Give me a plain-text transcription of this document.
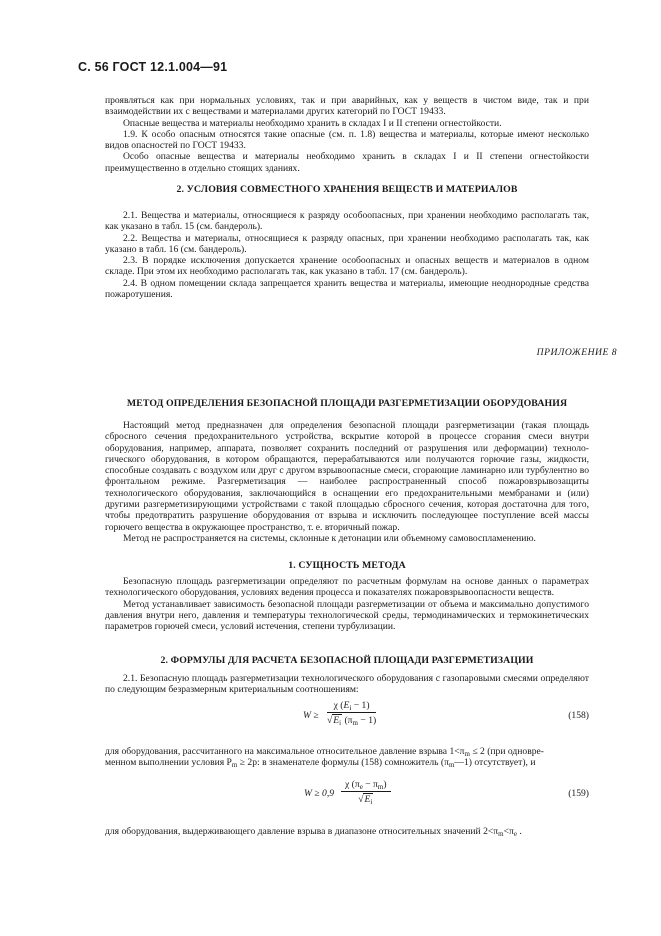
С. 56 ГОСТ 12.1.004—91

проявляться как при нормальных условиях, так и при аварийных, как у веществ в чистом виде, так и при взаимодействии их с веществами и материалами других категорий по ГОСТ 19433.

Опасные вещества и материалы необходимо хранить в складах I и II степени огнестойкости.

1.9. К особо опасным относятся такие опасные (см. п. 1.8) вещества и материалы, которые имеют несколько видов опасностей по ГОСТ 19433.

Особо опасные вещества и материалы необходимо хранить в складах I и II степени огнестойкости преимущественно в отдельно стоящих зданиях.

2. УСЛОВИЯ СОВМЕСТНОГО ХРАНЕНИЯ ВЕЩЕСТВ И МАТЕРИАЛОВ

2.1. Вещества и материалы, относящиеся к разряду особоопасных, при хранении необходимо располагать так, как указано в табл. 15 (см. бандероль).

2.2. Вещества и материалы, относящиеся к разряду опасных, при хранении необходимо располагать так, как указано в табл. 16 (см. бандероль).

2.3. В порядке исключения допускается хранение особоопасных и опасных веществ и материалов в одном складе. При этом их необходимо располагать так, как указано в табл. 17 (см. бандероль).

2.4. В одном помещении склада запрещается хранить вещества и материалы, имеющие неоднородные средства пожаротушения.

ПРИЛОЖЕНИЕ 8
МЕТОД ОПРЕДЕЛЕНИЯ БЕЗОПАСНОЙ ПЛОЩАДИ РАЗГЕРМЕТИЗАЦИИ ОБОРУДОВАНИЯ

Настоящий метод предназначен для определения безопасной площади разгерметизации (такая площадь сбросного сечения предохранительного устройства, вскрытие которой в процессе сгорания смеси внутри оборудования, например, аппарата, позволяет сохранить последний от разрушения или деформации) технологического оборудования, в котором обращаются, перерабатываются или получаются горючие газы, жидкости, способные создавать с воздухом или друг с другом взрывоопасные смеси, сгорающие ламинарно или турбулентно во фронтальном режиме. Разгерметизация — наиболее распространенный способ пожаровзрывозащиты технологического оборудования, заключающийся в оснащении его предохранительными мембранами и (или) другими разгерметизирующими устройствами с такой площадью сбросного сечения, которая достаточна для того, чтобы предотвратить разрушение оборудования от взрыва и исключить последующее поступление всей массы горючего вещества в окружающее пространство, т. е. вторичный пожар.

Метод не распространяется на системы, склонные к детонации или объемному самовоспламенению.

1. СУЩНОСТЬ МЕТОДА

Безопасную площадь разгерметизации определяют по расчетным формулам на основе данных о параметрах технологического оборудования, условиях ведения процесса и показателях пожаровзрывоопасности веществ.

Метод устанавливает зависимость безопасной площади разгерметизации от объема и максимально допустимого давления внутри него, давления и температуры технологической среды, термодинамических и термокинетических параметров горючей смеси, условий истечения, степени турбулизации.

2. ФОРМУЛЫ ДЛЯ РАСЧЕТА БЕЗОПАСНОЙ ПЛОЩАДИ РАЗГЕРМЕТИЗАЦИИ

2.1. Безопасную площадь разгерметизации технологического оборудования с газопаровыми смесями определяют по следующим безразмерным критериальным соотношениям:

$W \ge \frac{\chi (E_i - 1)}{√E_i (\pi_m - 1)}$	(158)

для оборудования, рассчитанного на максимальное относительное давление взрыва $1<\pi_m \le 2$ (при одновре-
менном выполнении условия $P_m \ge 2p$: в знаменателе формулы (158) сомножитель $(\pi_m—1)$ отсутствует), и

$W \ge 0,9 \frac{\chi (\pi_e - \pi_m)}{√E_i}$	(159)

для оборудования, выдерживающего давление взрыва в диапазоне относительных значений $2<\pi_m<\pi_e$ .
